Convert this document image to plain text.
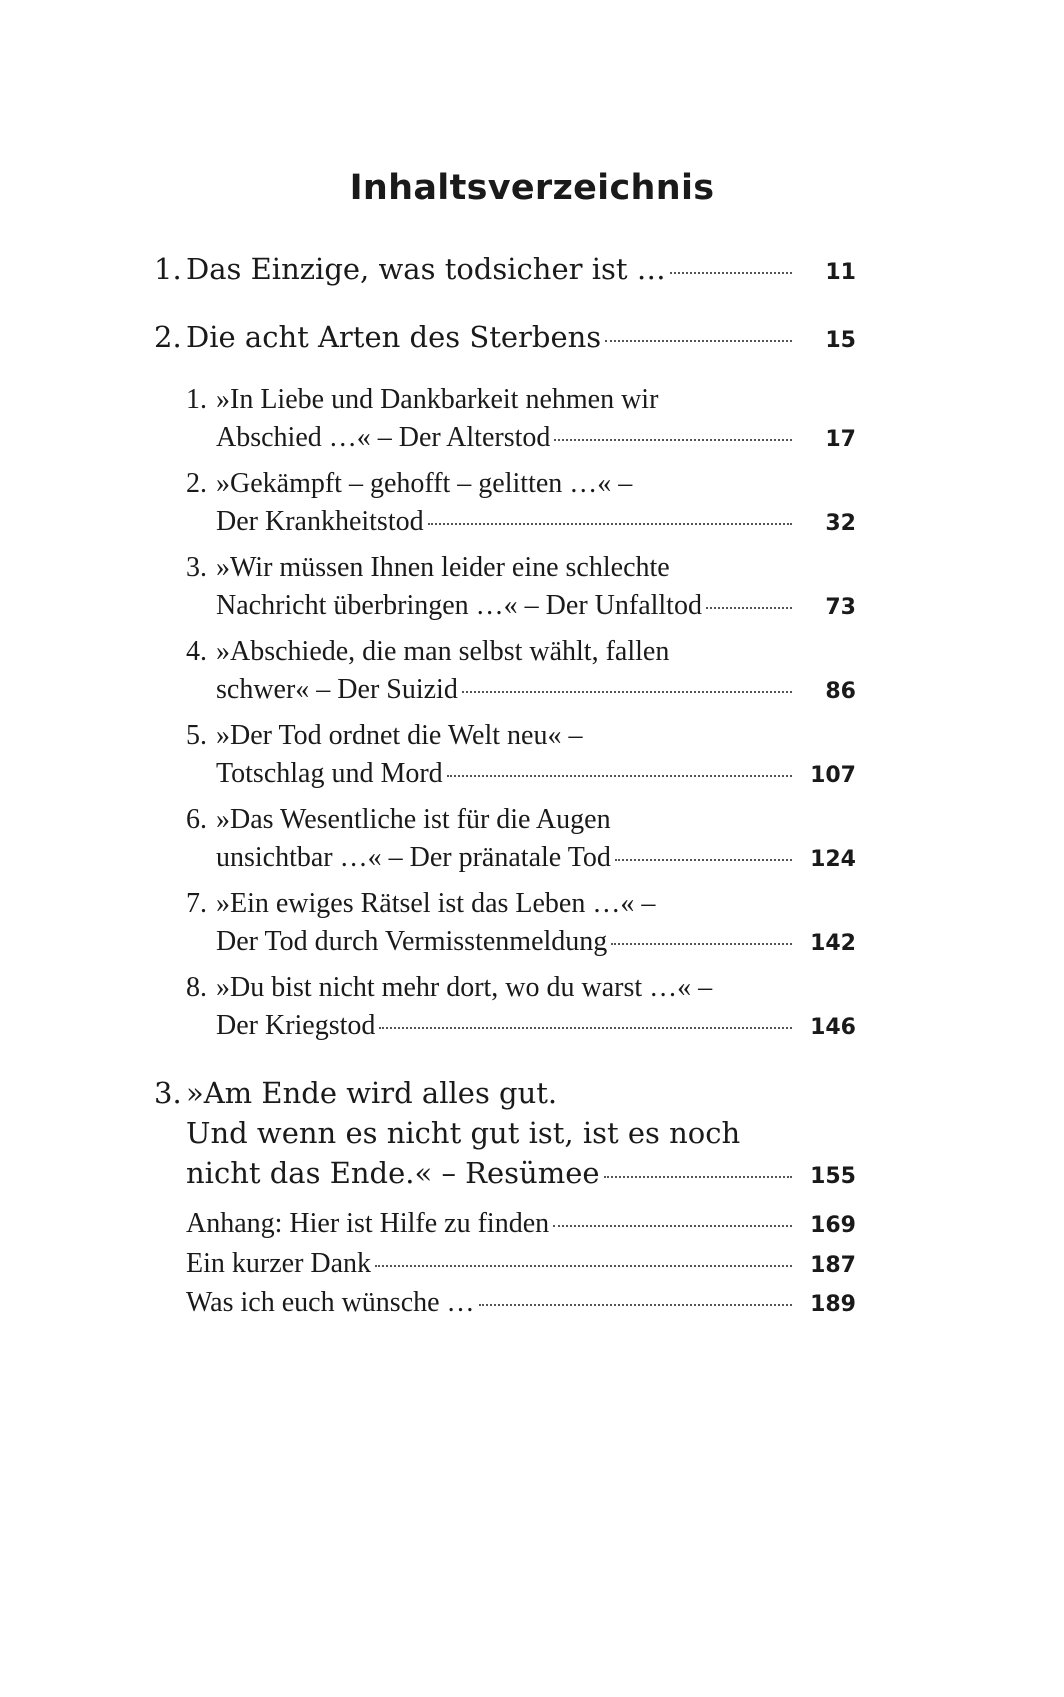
Inhaltsverzeichnis
1. Das Einzige, was todsicher ist …	11
2. Die acht Arten des Sterbens	15
1. »In Liebe und Dankbarkeit nehmen wir
Abschied …« – Der Alterstod	17
2. »Gekämpft – gehofft – gelitten …« –
Der Krankheitstod	32
3. »Wir müssen Ihnen leider eine schlechte
Nachricht überbringen …« – Der Unfalltod	73
4. »Abschiede, die man selbst wählt, fallen
schwer« – Der Suizid	86
5. »Der Tod ordnet die Welt neu« –
Totschlag und Mord	107
6. »Das Wesentliche ist für die Augen
unsichtbar …« – Der pränatale Tod	124
7. »Ein ewiges Rätsel ist das Leben …« –
Der Tod durch Vermisstenmeldung	142
8. »Du bist nicht mehr dort, wo du warst …« –
Der Kriegstod	146
3. »Am Ende wird alles gut.
Und wenn es nicht gut ist, ist es noch
nicht das Ende.« – Resümee	155
Anhang: Hier ist Hilfe zu finden	169
Ein kurzer Dank	187
Was ich euch wünsche …	189
